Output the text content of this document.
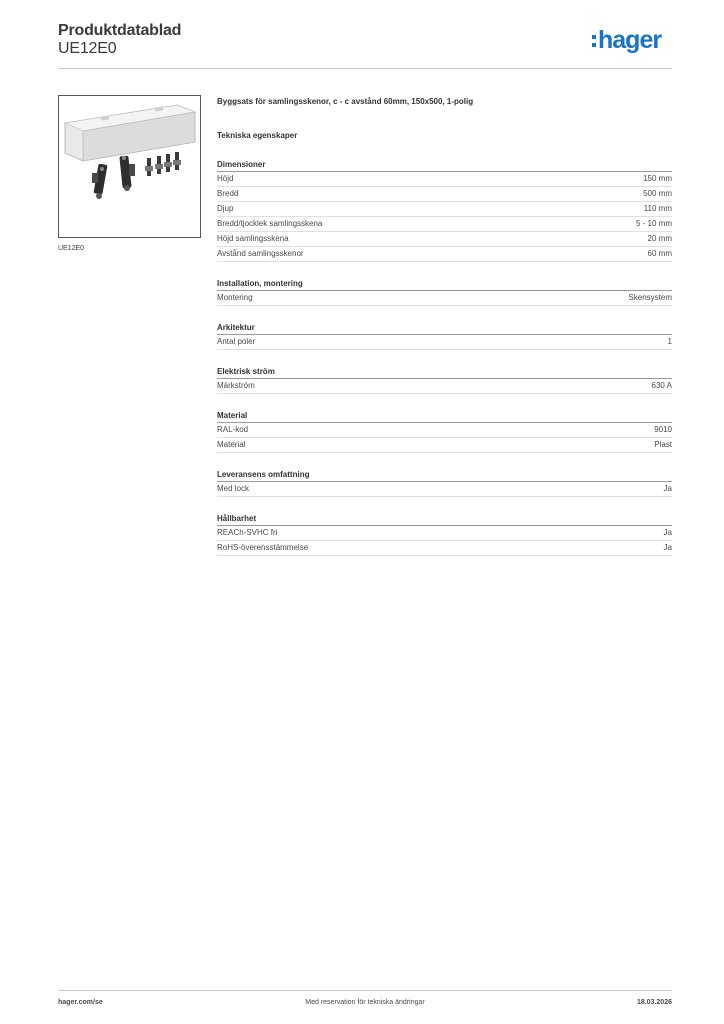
Produktdatablad
UE12E0	hager
UE12E0
Byggsats för samlingsskenor, c - c avstånd 60mm, 150x500, 1-polig
Tekniska egenskaper
Dimensioner
Höjd	150 mm
Bredd	500 mm
Djup	110 mm
Bredd/tjocklek samlingsskena	5 - 10 mm
Höjd samlingsskena	20 mm
Avstånd samlingsskenor	60 mm
Installation, montering
Montering	Skensystem
Arkitektur
Antal poler	1
Elektrisk ström
Märkström	630 A
Material
RAL-kod	9010
Material	Plast
Leveransens omfattning
Med lock	Ja
Hållbarhet
REACh-SVHC fri	Ja
RoHS-överensstämmelse	Ja
hager.com/se	Med reservation för tekniska ändringar	18.03.2026
